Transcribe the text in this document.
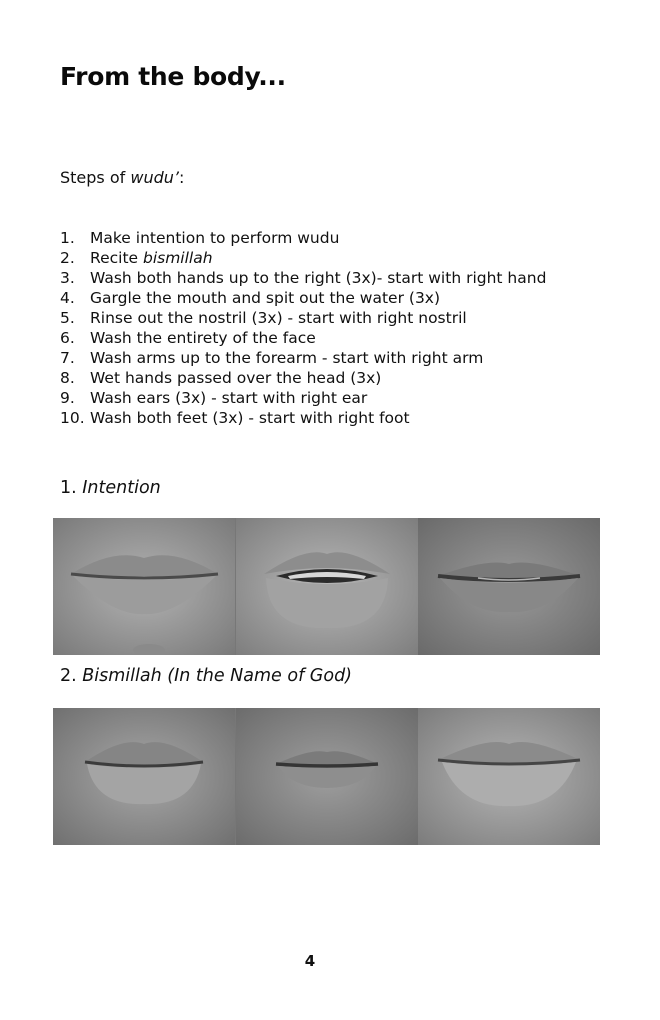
From the body...

Steps of wudu’:

1. Make intention to perform wudu
2. Recite bismillah
3. Wash both hands up to the right (3x)- start with right hand
4. Gargle the mouth and spit out the water (3x)
5. Rinse out the nostril (3x) - start with right nostril
6. Wash the entirety of the face
7. Wash arms up to the forearm - start with right arm
8. Wet hands passed over the head (3x)
9. Wash ears (3x) - start with right ear
10. Wash both feet (3x) - start with right foot

1. Intention

2. Bismillah (In the Name of God)

4
